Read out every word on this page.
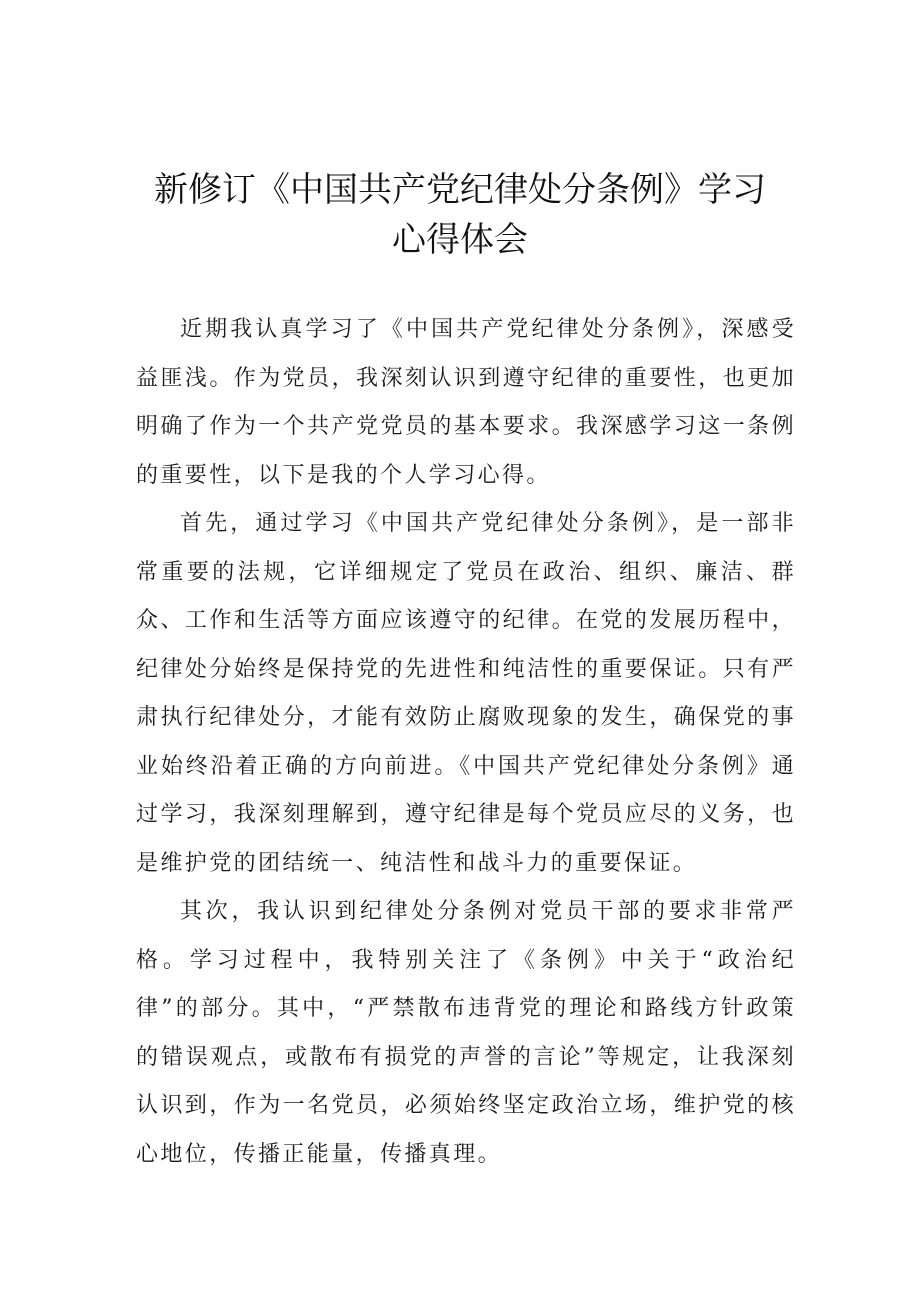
新修订《中国共产党纪律处分条例》学习
心得体会

近期我认真学习了《中国共产党纪律处分条例》，深感受益匪浅。作为党员，我深刻认识到遵守纪律的重要性，也更加明确了作为一个共产党党员的基本要求。我深感学习这一条例的重要性，以下是我的个人学习心得。

首先，通过学习《中国共产党纪律处分条例》，是一部非常重要的法规，它详细规定了党员在政治、组织、廉洁、群众、工作和生活等方面应该遵守的纪律。在党的发展历程中，纪律处分始终是保持党的先进性和纯洁性的重要保证。只有严肃执行纪律处分，才能有效防止腐败现象的发生，确保党的事业始终沿着正确的方向前进。《中国共产党纪律处分条例》通过学习，我深刻理解到，遵守纪律是每个党员应尽的义务，也是维护党的团结统一、纯洁性和战斗力的重要保证。

其次，我认识到纪律处分条例对党员干部的要求非常严格。学习过程中，我特别关注了《条例》中关于“政治纪律”的部分。其中，“严禁散布违背党的理论和路线方针政策的错误观点，或散布有损党的声誉的言论”等规定，让我深刻认识到，作为一名党员，必须始终坚定政治立场，维护党的核心地位，传播正能量，传播真理。
